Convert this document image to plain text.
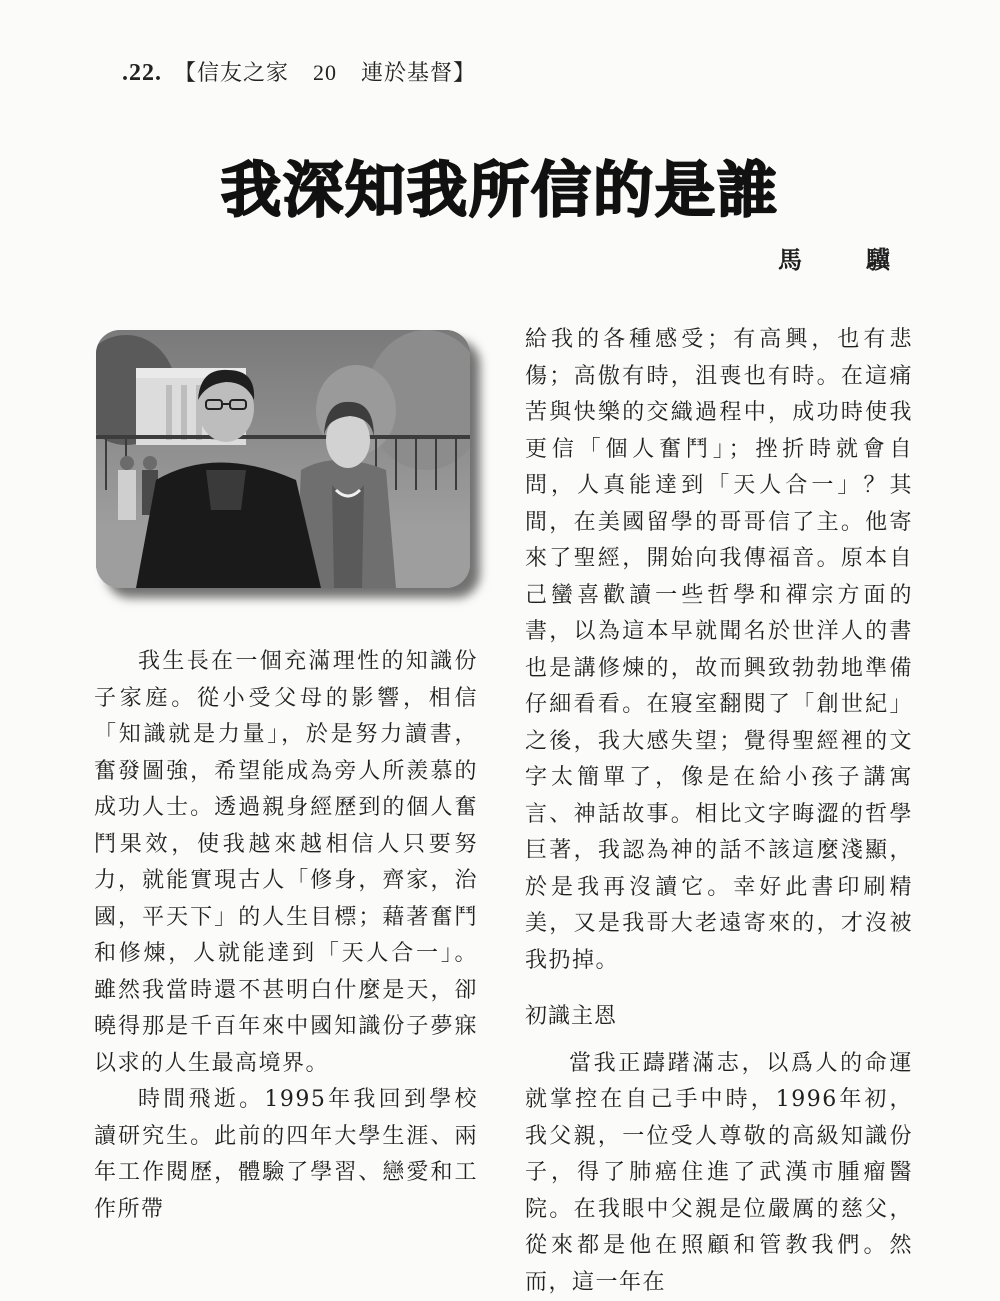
.22. 【信友之家 20 連於基督】
我深知我所信的是誰
馬　驥

我生長在一個充滿理性的知識份子家庭。從小受父母的影響，相信「知識就是力量」，於是努力讀書，奮發圖強，希望能成為旁人所羨慕的成功人士。透過親身經歷到的個人奮鬥果效，使我越來越相信人只要努力，就能實現古人「修身，齊家，治國，平天下」的人生目標；藉著奮鬥和修煉，人就能達到「天人合一」。雖然我當時還不甚明白什麼是天，卻曉得那是千百年來中國知識份子夢寐以求的人生最高境界。

時間飛逝。1995年我回到學校讀研究生。此前的四年大學生涯、兩年工作閱歷，體驗了學習、戀愛和工作所帶

給我的各種感受；有高興，也有悲傷；高傲有時，沮喪也有時。在這痛苦與快樂的交織過程中，成功時使我更信「個人奮鬥」；挫折時就會自問，人真能達到「天人合一」？其間，在美國留學的哥哥信了主。他寄來了聖經，開始向我傳福音。原本自己蠻喜歡讀一些哲學和禪宗方面的書，以為這本早就聞名於世洋人的書也是講修煉的，故而興致勃勃地準備仔細看看。在寢室翻閱了「創世紀」之後，我大感失望；覺得聖經裡的文字太簡單了，像是在給小孩子講寓言、神話故事。相比文字晦澀的哲學巨著，我認為神的話不該這麼淺顯，於是我再沒讀它。幸好此書印刷精美，又是我哥大老遠寄來的，才沒被我扔掉。

初識主恩

當我正躊躇滿志，以爲人的命運就掌控在自己手中時，1996年初，我父親，一位受人尊敬的高級知識份子，得了肺癌住進了武漢市腫瘤醫院。在我眼中父親是位嚴厲的慈父，從來都是他在照顧和管教我們。然而，這一年在
